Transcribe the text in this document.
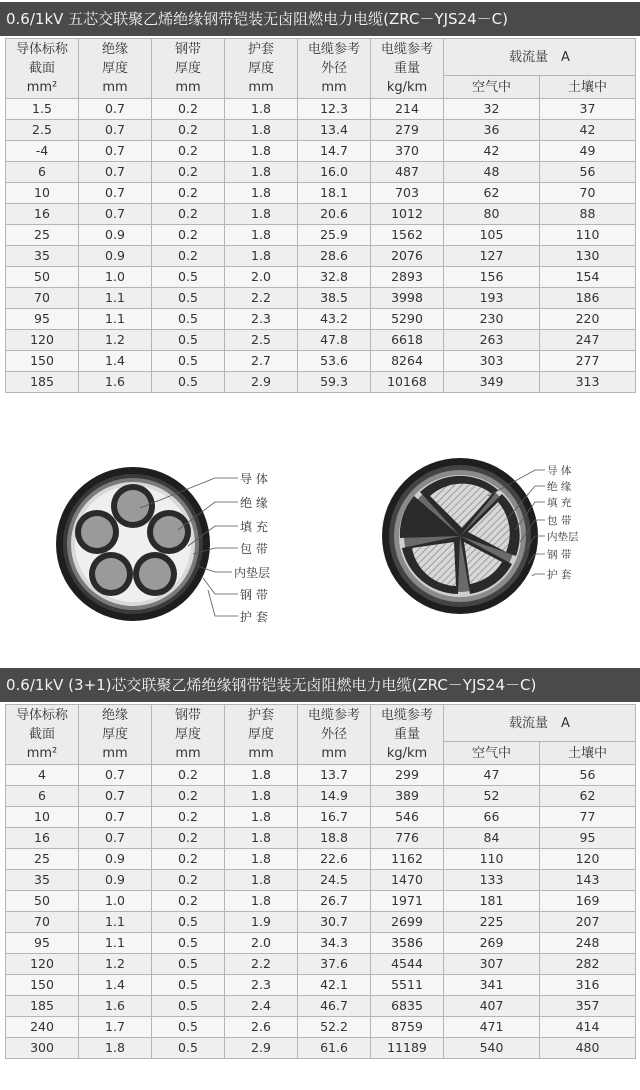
0.6/1kV 五芯交联聚乙烯绝缘钢带铠装无卤阻燃电力电缆(ZRC－YJS24－C)
导体标称
截面
mm²	绝缘
厚度
mm	钢带
厚度
mm	护套
厚度
mm	电缆参考
外径
mm	电缆参考
重量
kg/km	载流量　A	
						空气中	土壤中
1.5	0.7	0.2	1.8	12.3	214	32	37
2.5	0.7	0.2	1.8	13.4	279	36	42
-4	0.7	0.2	1.8	14.7	370	42	49
6	0.7	0.2	1.8	16.0	487	48	56
10	0.7	0.2	1.8	18.1	703	62	70
16	0.7	0.2	1.8	20.6	1012	80	88
25	0.9	0.2	1.8	25.9	1562	105	110
35	0.9	0.2	1.8	28.6	2076	127	130
50	1.0	0.5	2.0	32.8	2893	156	154
70	1.1	0.5	2.2	38.5	3998	193	186
95	1.1	0.5	2.3	43.2	5290	230	220
120	1.2	0.5	2.5	47.8	6618	263	247
150	1.4	0.5	2.7	53.6	8264	303	277
185	1.6	0.5	2.9	59.3	10168	349	313
导 体
绝 缘
填 充
包 带
内垫层
钢 带
护 套
导 体
绝 缘
填 充
包 带
内垫层
钢 带
护 套
0.6/1kV (3+1)芯交联聚乙烯绝缘钢带铠装无卤阻燃电力电缆(ZRC－YJS24－C)
导体标称
截面
mm²	绝缘
厚度
mm	钢带
厚度
mm	护套
厚度
mm	电缆参考
外径
mm	电缆参考
重量
kg/km	载流量　A	
						空气中	土壤中
4	0.7	0.2	1.8	13.7	299	47	56
6	0.7	0.2	1.8	14.9	389	52	62
10	0.7	0.2	1.8	16.7	546	66	77
16	0.7	0.2	1.8	18.8	776	84	95
25	0.9	0.2	1.8	22.6	1162	110	120
35	0.9	0.2	1.8	24.5	1470	133	143
50	1.0	0.2	1.8	26.7	1971	181	169
70	1.1	0.5	1.9	30.7	2699	225	207
95	1.1	0.5	2.0	34.3	3586	269	248
120	1.2	0.5	2.2	37.6	4544	307	282
150	1.4	0.5	2.3	42.1	5511	341	316
185	1.6	0.5	2.4	46.7	6835	407	357
240	1.7	0.5	2.6	52.2	8759	471	414
300	1.8	0.5	2.9	61.6	11189	540	480
